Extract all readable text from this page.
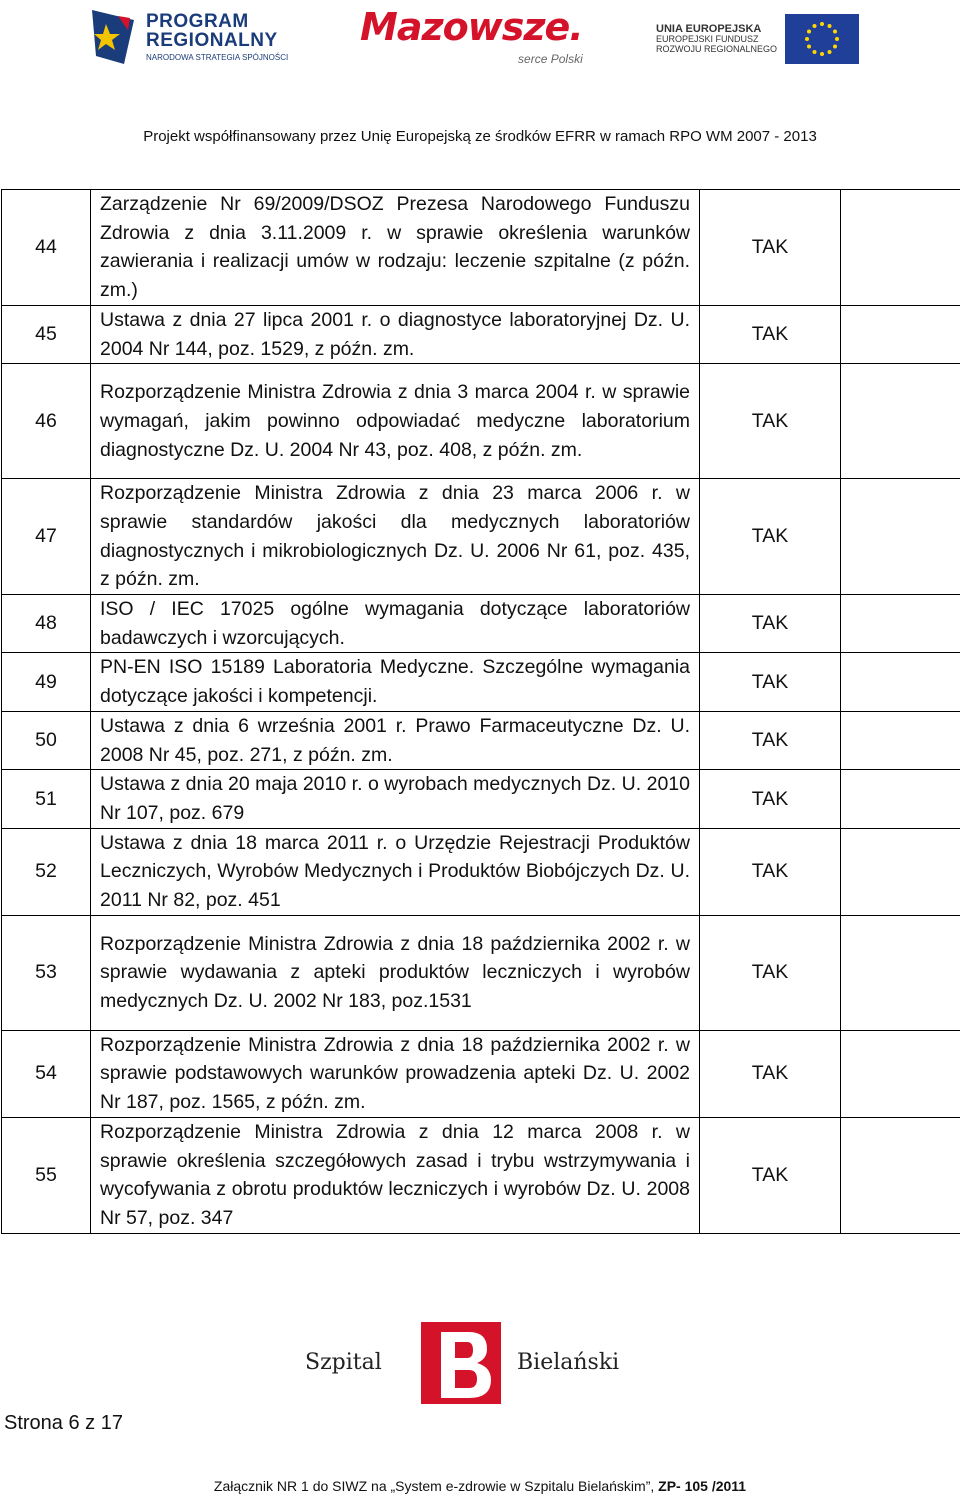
PROGRAM
REGIONALNY
NARODOWA STRATEGIA SPÓJNOŚCI
Mazowsze.
serce Polski
UNIA EUROPEJSKA
EUROPEJSKI FUNDUSZ
ROZWOJU REGIONALNEGO
Projekt współfinansowany przez Unię Europejską ze środków EFRR w ramach RPO WM 2007 - 2013
44	Zarządzenie Nr 69/2009/DSOZ Prezesa Narodowego Funduszu Zdrowia z dnia 3.11.2009 r. w sprawie określenia warunków zawierania i realizacji umów w rodzaju: leczenie szpitalne (z późn. zm.)	TAK	
45	Ustawa z dnia 27 lipca 2001 r. o diagnostyce laboratoryjnej Dz. U. 2004 Nr 144, poz. 1529, z późn. zm.	TAK	
46	Rozporządzenie Ministra Zdrowia z dnia 3 marca 2004 r. w sprawie wymagań, jakim powinno odpowiadać medyczne laboratorium diagnostyczne Dz. U. 2004 Nr 43, poz. 408, z późn. zm.	TAK	
47	Rozporządzenie Ministra Zdrowia z dnia 23 marca 2006 r. w sprawie standardów jakości dla medycznych laboratoriów diagnostycznych i mikrobiologicznych Dz. U. 2006 Nr 61, poz. 435, z późn. zm.	TAK	
48	ISO / IEC 17025 ogólne wymagania dotyczące laboratoriów badawczych i wzorcujących.	TAK	
49	PN-EN ISO 15189 Laboratoria Medyczne. Szczególne wymagania dotyczące jakości i kompetencji.	TAK	
50	Ustawa z dnia 6 września 2001 r. Prawo Farmaceutyczne Dz. U. 2008 Nr 45, poz. 271, z późn. zm.	TAK	
51	Ustawa z dnia 20 maja 2010 r. o wyrobach medycznych Dz. U. 2010 Nr 107, poz. 679	TAK	
52	Ustawa z dnia 18 marca 2011 r. o Urzędzie Rejestracji Produktów Leczniczych, Wyrobów Medycznych i Produktów Biobójczych Dz. U. 2011 Nr 82, poz. 451	TAK	
53	Rozporządzenie Ministra Zdrowia z dnia 18 października 2002 r. w sprawie wydawania z apteki produktów leczniczych i wyrobów medycznych Dz. U. 2002 Nr 183, poz.1531	TAK	
54	Rozporządzenie Ministra Zdrowia z dnia 18 października 2002 r. w sprawie podstawowych warunków prowadzenia apteki Dz. U. 2002 Nr 187, poz. 1565, z późn. zm.	TAK	
55	Rozporządzenie Ministra Zdrowia z dnia 12 marca 2008 r. w sprawie określenia szczegółowych zasad i trybu wstrzymywania i wycofywania z obrotu produktów leczniczych i wyrobów Dz. U. 2008 Nr 57, poz. 347	TAK	
Szpital	Bielański
Strona 6 z 17
Załącznik NR 1 do SIWZ na „System e-zdrowie w Szpitalu Bielańskim”, ZP- 105 /2011
